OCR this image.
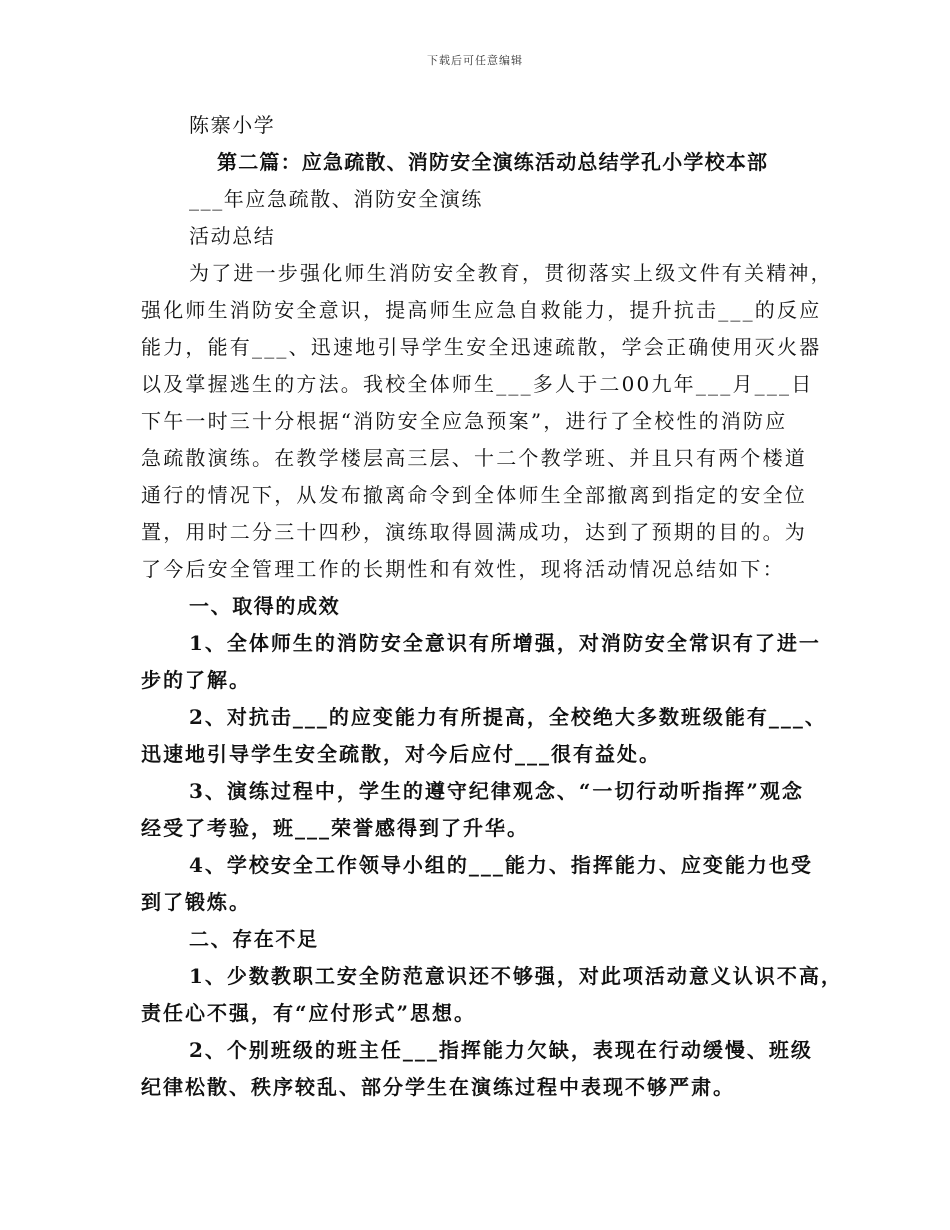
下载后可任意编辑
陈寨小学
第二篇：应急疏散、消防安全演练活动总结学孔小学校本部
___年应急疏散、消防安全演练
活动总结
为了进一步强化师生消防安全教育，贯彻落实上级文件有关精神，
强化师生消防安全意识，提高师生应急自救能力，提升抗击___的反应
能力，能有___、迅速地引导学生安全迅速疏散，学会正确使用灭火器
以及掌握逃生的方法。我校全体师生___多人于二00九年___月___日
下午一时三十分根据“消防安全应急预案”，进行了全校性的消防应
急疏散演练。在教学楼层高三层、十二个教学班、并且只有两个楼道
通行的情况下，从发布撤离命令到全体师生全部撤离到指定的安全位
置，用时二分三十四秒，演练取得圆满成功，达到了预期的目的。为
了今后安全管理工作的长期性和有效性，现将活动情况总结如下：
一、取得的成效
1、全体师生的消防安全意识有所增强，对消防安全常识有了进一
步的了解。
2、对抗击___的应变能力有所提高，全校绝大多数班级能有___、
迅速地引导学生安全疏散，对今后应付___很有益处。
3、演练过程中，学生的遵守纪律观念、“一切行动听指挥”观念
经受了考验，班___荣誉感得到了升华。
4、学校安全工作领导小组的___能力、指挥能力、应变能力也受
到了锻炼。
二、存在不足
1、少数教职工安全防范意识还不够强，对此项活动意义认识不高，
责任心不强，有“应付形式”思想。
2、个别班级的班主任___指挥能力欠缺，表现在行动缓慢、班级
纪律松散、秩序较乱、部分学生在演练过程中表现不够严肃。
